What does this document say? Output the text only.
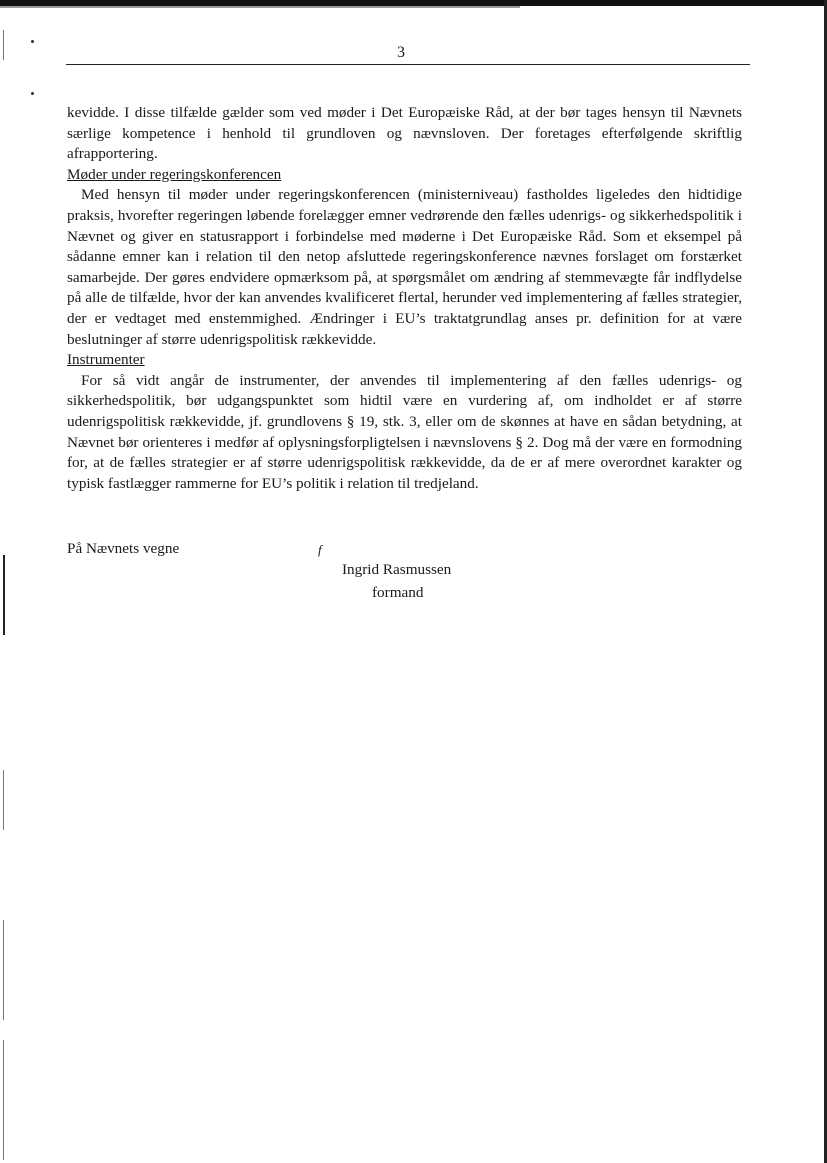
3

kevidde. I disse tilfælde gælder som ved møder i Det Europæiske Råd, at der bør tages hensyn til Nævnets særlige kompetence i henhold til grundloven og nævnsloven. Der foretages efterfølgende skriftlig afrapportering.

Møder under regeringskonferencen

Med hensyn til møder under regeringskonferencen (ministerniveau) fastholdes ligeledes den hidtidige praksis, hvorefter regeringen løbende forelægger emner vedrørende den fælles udenrigs- og sikkerhedspolitik i Nævnet og giver en statusrapport i forbindelse med møderne i Det Europæiske Råd. Som et eksempel på sådanne emner kan i relation til den netop afsluttede regeringskonference nævnes forslaget om forstærket samarbejde. Der gøres endvidere opmærksom på, at spørgsmålet om ændring af stemmevægte får indflydelse på alle de tilfælde, hvor der kan anvendes kvalificeret flertal, herunder ved implementering af fælles strategier, der er vedtaget med enstemmighed. Ændringer i EU’s traktatgrundlag anses pr. definition for at være beslutninger af større udenrigspolitisk rækkevidde.

Instrumenter

For så vidt angår de instrumenter, der anvendes til implementering af den fælles udenrigs- og sikkerhedspolitik, bør udgangspunktet som hidtil være en vurdering af, om indholdet er af større udenrigspolitisk rækkevidde, jf. grundlovens § 19, stk. 3, eller om de skønnes at have en sådan betydning, at Nævnet bør orienteres i medfør af oplysningsforpligtelsen i nævnslovens § 2. Dog må der være en formodning for, at de fælles strategier er af større udenrigspolitisk rækkevidde, da de er af mere overordnet karakter og typisk fastlægger rammerne for EU’s politik i relation til tredjeland.

På Nævnets vegne	f
Ingrid Rasmussen
formand
